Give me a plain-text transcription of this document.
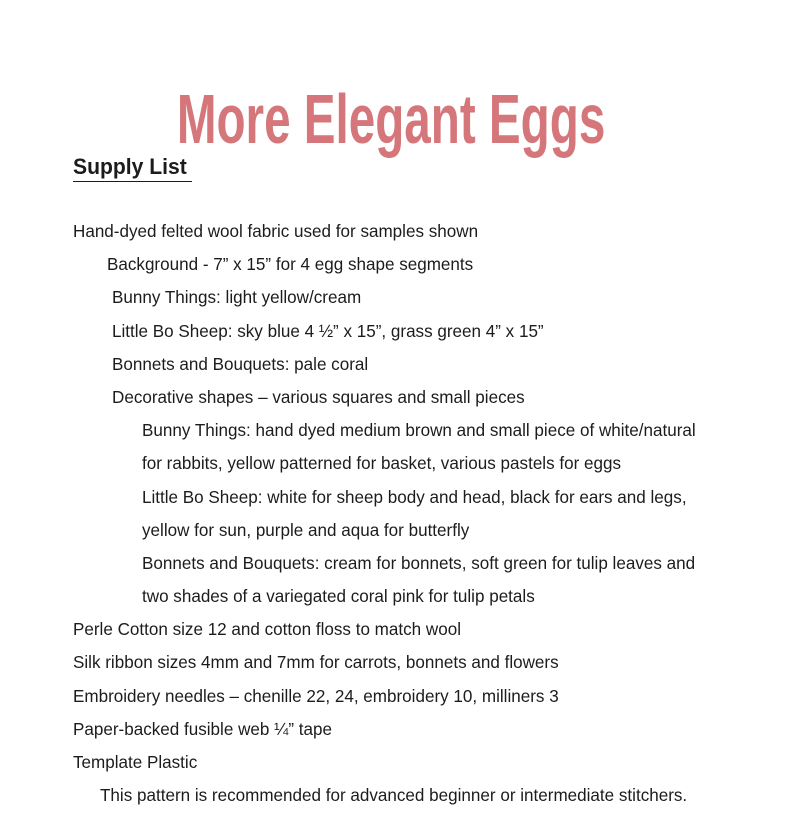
More Elegant Eggs
Supply List
Hand-dyed felted wool fabric used for samples shown
Background - 7” x 15” for 4 egg shape segments
Bunny Things: light yellow/cream
Little Bo Sheep: sky blue 4 ½” x 15”, grass green 4” x 15”
Bonnets and Bouquets: pale coral
Decorative shapes – various squares and small pieces
Bunny Things: hand dyed medium brown and small piece of white/natural
for rabbits, yellow patterned for basket, various pastels for eggs
Little Bo Sheep: white for sheep body and head, black for ears and legs,
yellow for sun, purple and aqua for butterfly
Bonnets and Bouquets: cream for bonnets, soft green for tulip leaves and
two shades of a variegated coral pink for tulip petals
Perle Cotton size 12 and cotton floss to match wool
Silk ribbon sizes 4mm and 7mm for carrots, bonnets and flowers
Embroidery needles – chenille 22, 24, embroidery 10, milliners 3
Paper-backed fusible web ¼” tape
Template Plastic
This pattern is recommended for advanced beginner or intermediate stitchers.
